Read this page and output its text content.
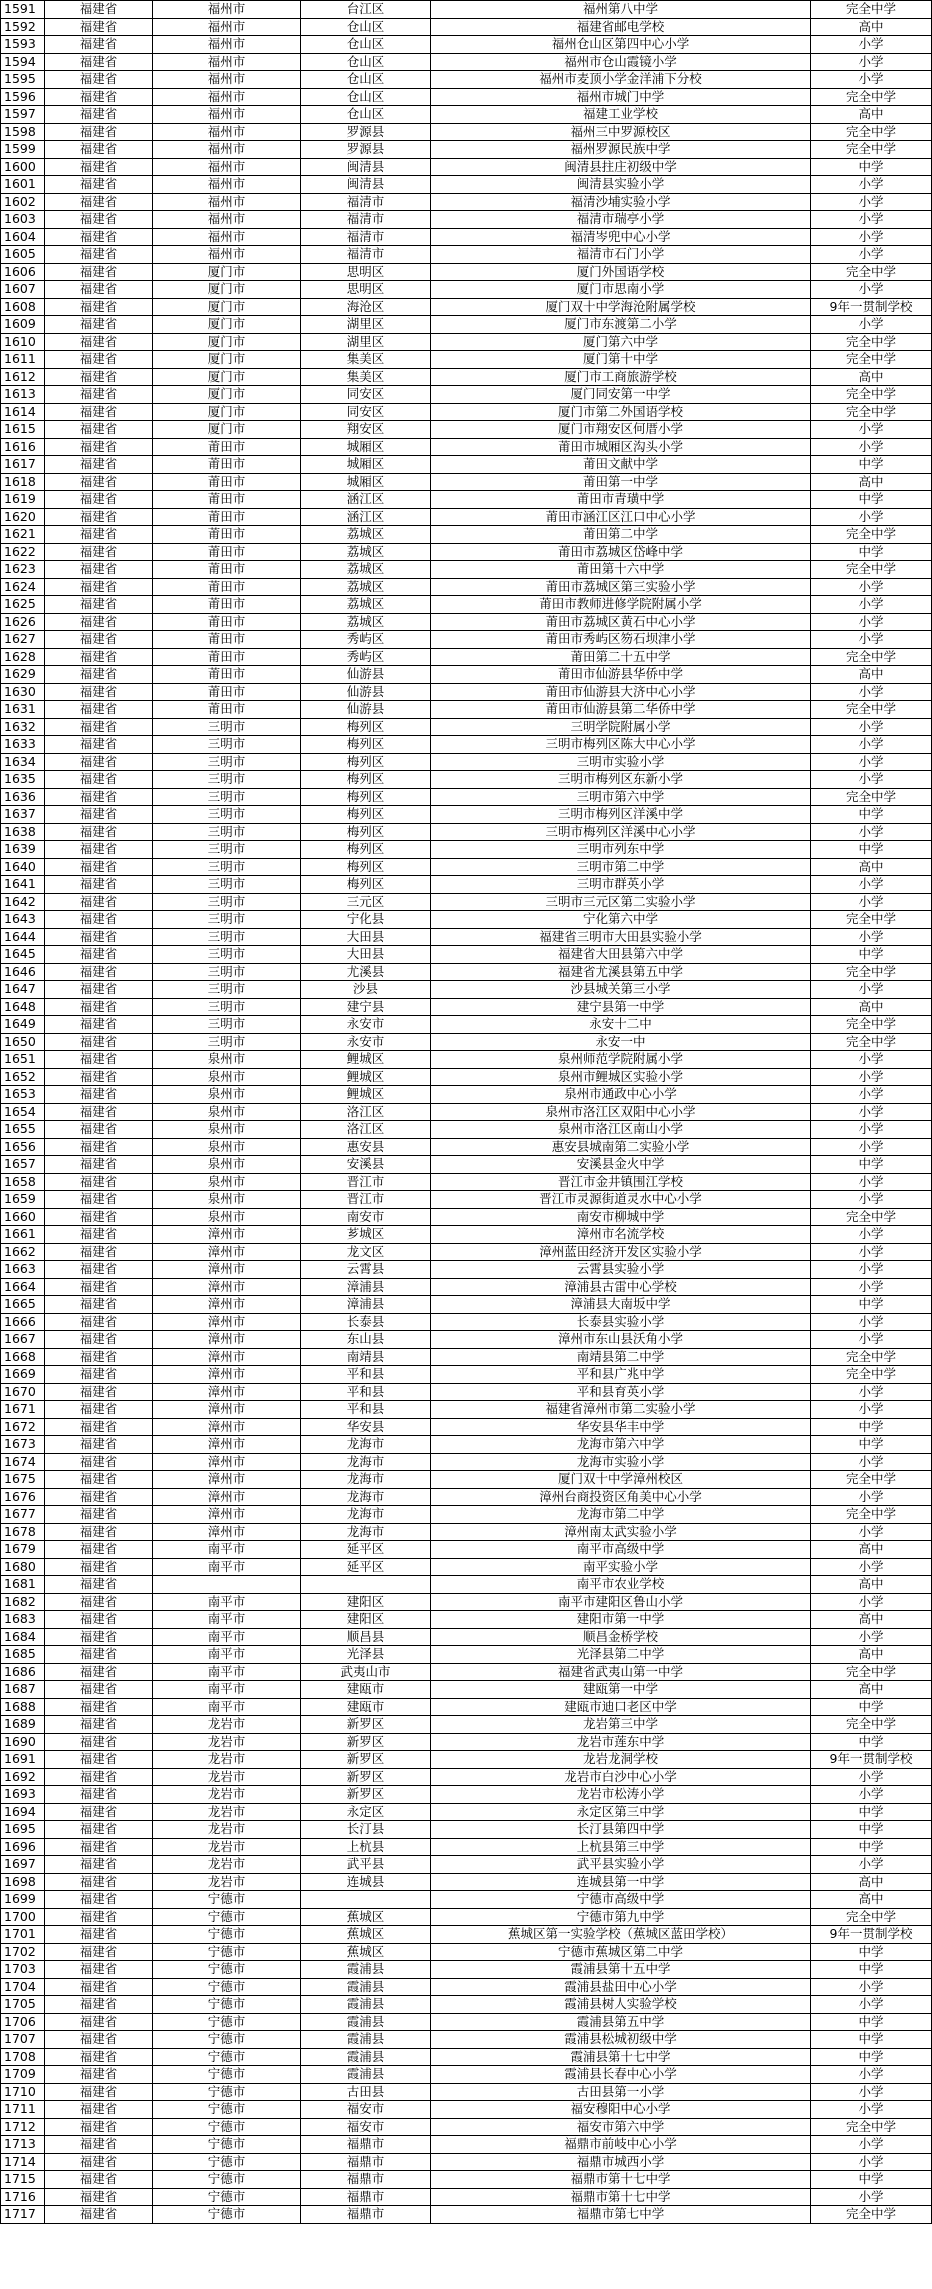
1591	福建省	福州市	台江区	福州第八中学	完全中学
1592	福建省	福州市	仓山区	福建省邮电学校	高中
1593	福建省	福州市	仓山区	福州仓山区第四中心小学	小学
1594	福建省	福州市	仓山区	福州市仓山霞镜小学	小学
1595	福建省	福州市	仓山区	福州市麦顶小学金洋浦下分校	小学
1596	福建省	福州市	仓山区	福州市城门中学	完全中学
1597	福建省	福州市	仓山区	福建工业学校	高中
1598	福建省	福州市	罗源县	福州三中罗源校区	完全中学
1599	福建省	福州市	罗源县	福州罗源民族中学	完全中学
1600	福建省	福州市	闽清县	闽清县拄庄初级中学	中学
1601	福建省	福州市	闽清县	闽清县实验小学	小学
1602	福建省	福州市	福清市	福清沙埔实验小学	小学
1603	福建省	福州市	福清市	福清市瑞亭小学	小学
1604	福建省	福州市	福清市	福清岑兜中心小学	小学
1605	福建省	福州市	福清市	福清市石门小学	小学
1606	福建省	厦门市	思明区	厦门外国语学校	完全中学
1607	福建省	厦门市	思明区	厦门市思南小学	小学
1608	福建省	厦门市	海沧区	厦门双十中学海沧附属学校	9年一贯制学校
1609	福建省	厦门市	湖里区	厦门市东渡第二小学	小学
1610	福建省	厦门市	湖里区	厦门第六中学	完全中学
1611	福建省	厦门市	集美区	厦门第十中学	完全中学
1612	福建省	厦门市	集美区	厦门市工商旅游学校	高中
1613	福建省	厦门市	同安区	厦门同安第一中学	完全中学
1614	福建省	厦门市	同安区	厦门市第二外国语学校	完全中学
1615	福建省	厦门市	翔安区	厦门市翔安区何厝小学	小学
1616	福建省	莆田市	城厢区	莆田市城厢区沟头小学	小学
1617	福建省	莆田市	城厢区	莆田文献中学	中学
1618	福建省	莆田市	城厢区	莆田第一中学	高中
1619	福建省	莆田市	涵江区	莆田市青璜中学	中学
1620	福建省	莆田市	涵江区	莆田市涵江区江口中心小学	小学
1621	福建省	莆田市	荔城区	莆田第二中学	完全中学
1622	福建省	莆田市	荔城区	莆田市荔城区岱峰中学	中学
1623	福建省	莆田市	荔城区	莆田第十六中学	完全中学
1624	福建省	莆田市	荔城区	莆田市荔城区第三实验小学	小学
1625	福建省	莆田市	荔城区	莆田市教师进修学院附属小学	小学
1626	福建省	莆田市	荔城区	莆田市荔城区黄石中心小学	小学
1627	福建省	莆田市	秀屿区	莆田市秀屿区笏石坝津小学	小学
1628	福建省	莆田市	秀屿区	莆田第二十五中学	完全中学
1629	福建省	莆田市	仙游县	莆田市仙游县华侨中学	高中
1630	福建省	莆田市	仙游县	莆田市仙游县大济中心小学	小学
1631	福建省	莆田市	仙游县	莆田市仙游县第二华侨中学	完全中学
1632	福建省	三明市	梅列区	三明学院附属小学	小学
1633	福建省	三明市	梅列区	三明市梅列区陈大中心小学	小学
1634	福建省	三明市	梅列区	三明市实验小学	小学
1635	福建省	三明市	梅列区	三明市梅列区东新小学	小学
1636	福建省	三明市	梅列区	三明市第六中学	完全中学
1637	福建省	三明市	梅列区	三明市梅列区洋溪中学	中学
1638	福建省	三明市	梅列区	三明市梅列区洋溪中心小学	小学
1639	福建省	三明市	梅列区	三明市列东中学	中学
1640	福建省	三明市	梅列区	三明市第二中学	高中
1641	福建省	三明市	梅列区	三明市群英小学	小学
1642	福建省	三明市	三元区	三明市三元区第二实验小学	小学
1643	福建省	三明市	宁化县	宁化第六中学	完全中学
1644	福建省	三明市	大田县	福建省三明市大田县实验小学	小学
1645	福建省	三明市	大田县	福建省大田县第六中学	中学
1646	福建省	三明市	尤溪县	福建省尤溪县第五中学	完全中学
1647	福建省	三明市	沙县	沙县城关第三小学	小学
1648	福建省	三明市	建宁县	建宁县第一中学	高中
1649	福建省	三明市	永安市	永安十二中	完全中学
1650	福建省	三明市	永安市	永安一中	完全中学
1651	福建省	泉州市	鲤城区	泉州师范学院附属小学	小学
1652	福建省	泉州市	鲤城区	泉州市鲤城区实验小学	小学
1653	福建省	泉州市	鲤城区	泉州市通政中心小学	小学
1654	福建省	泉州市	洛江区	泉州市洛江区双阳中心小学	小学
1655	福建省	泉州市	洛江区	泉州市洛江区南山小学	小学
1656	福建省	泉州市	惠安县	惠安县城南第二实验小学	小学
1657	福建省	泉州市	安溪县	安溪县金火中学	中学
1658	福建省	泉州市	晋江市	晋江市金井镇围江学校	小学
1659	福建省	泉州市	晋江市	晋江市灵源街道灵水中心小学	小学
1660	福建省	泉州市	南安市	南安市柳城中学	完全中学
1661	福建省	漳州市	芗城区	漳州市名流学校	小学
1662	福建省	漳州市	龙文区	漳州蓝田经济开发区实验小学	小学
1663	福建省	漳州市	云霄县	云霄县实验小学	小学
1664	福建省	漳州市	漳浦县	漳浦县古雷中心学校	小学
1665	福建省	漳州市	漳浦县	漳浦县大南坂中学	中学
1666	福建省	漳州市	长泰县	长泰县实验小学	小学
1667	福建省	漳州市	东山县	漳州市东山县沃角小学	小学
1668	福建省	漳州市	南靖县	南靖县第二中学	完全中学
1669	福建省	漳州市	平和县	平和县广兆中学	完全中学
1670	福建省	漳州市	平和县	平和县育英小学	小学
1671	福建省	漳州市	平和县	福建省漳州市第二实验小学	小学
1672	福建省	漳州市	华安县	华安县华丰中学	中学
1673	福建省	漳州市	龙海市	龙海市第六中学	中学
1674	福建省	漳州市	龙海市	龙海市实验小学	小学
1675	福建省	漳州市	龙海市	厦门双十中学漳州校区	完全中学
1676	福建省	漳州市	龙海市	漳州台商投资区角美中心小学	小学
1677	福建省	漳州市	龙海市	龙海市第二中学	完全中学
1678	福建省	漳州市	龙海市	漳州南太武实验小学	小学
1679	福建省	南平市	延平区	南平市高级中学	高中
1680	福建省	南平市	延平区	南平实验小学	小学
1681	福建省			南平市农业学校	高中
1682	福建省	南平市	建阳区	南平市建阳区鲁山小学	小学
1683	福建省	南平市	建阳区	建阳市第一中学	高中
1684	福建省	南平市	顺昌县	顺昌金桥学校	小学
1685	福建省	南平市	光泽县	光泽县第二中学	高中
1686	福建省	南平市	武夷山市	福建省武夷山第一中学	完全中学
1687	福建省	南平市	建瓯市	建瓯第一中学	高中
1688	福建省	南平市	建瓯市	建瓯市迪口老区中学	中学
1689	福建省	龙岩市	新罗区	龙岩第三中学	完全中学
1690	福建省	龙岩市	新罗区	龙岩市莲东中学	中学
1691	福建省	龙岩市	新罗区	龙岩龙洞学校	9年一贯制学校
1692	福建省	龙岩市	新罗区	龙岩市白沙中心小学	小学
1693	福建省	龙岩市	新罗区	龙岩市松涛小学	小学
1694	福建省	龙岩市	永定区	永定区第三中学	中学
1695	福建省	龙岩市	长汀县	长汀县第四中学	中学
1696	福建省	龙岩市	上杭县	上杭县第三中学	中学
1697	福建省	龙岩市	武平县	武平县实验小学	小学
1698	福建省	龙岩市	连城县	连城县第一中学	高中
1699	福建省	宁德市		宁德市高级中学	高中
1700	福建省	宁德市	蕉城区	宁德市第九中学	完全中学
1701	福建省	宁德市	蕉城区	蕉城区第一实验学校（蕉城区蓝田学校）	9年一贯制学校
1702	福建省	宁德市	蕉城区	宁德市蕉城区第二中学	中学
1703	福建省	宁德市	霞浦县	霞浦县第十五中学	中学
1704	福建省	宁德市	霞浦县	霞浦县盐田中心小学	小学
1705	福建省	宁德市	霞浦县	霞浦县树人实验学校	小学
1706	福建省	宁德市	霞浦县	霞浦县第五中学	中学
1707	福建省	宁德市	霞浦县	霞浦县松城初级中学	中学
1708	福建省	宁德市	霞浦县	霞浦县第十七中学	中学
1709	福建省	宁德市	霞浦县	霞浦县长春中心小学	小学
1710	福建省	宁德市	古田县	古田县第一小学	小学
1711	福建省	宁德市	福安市	福安穆阳中心小学	小学
1712	福建省	宁德市	福安市	福安市第六中学	完全中学
1713	福建省	宁德市	福鼎市	福鼎市前岐中心小学	小学
1714	福建省	宁德市	福鼎市	福鼎市城西小学	小学
1715	福建省	宁德市	福鼎市	福鼎市第十七中学	中学
1716	福建省	宁德市	福鼎市	福鼎市第十七中学	小学
1717	福建省	宁德市	福鼎市	福鼎市第七中学	完全中学
